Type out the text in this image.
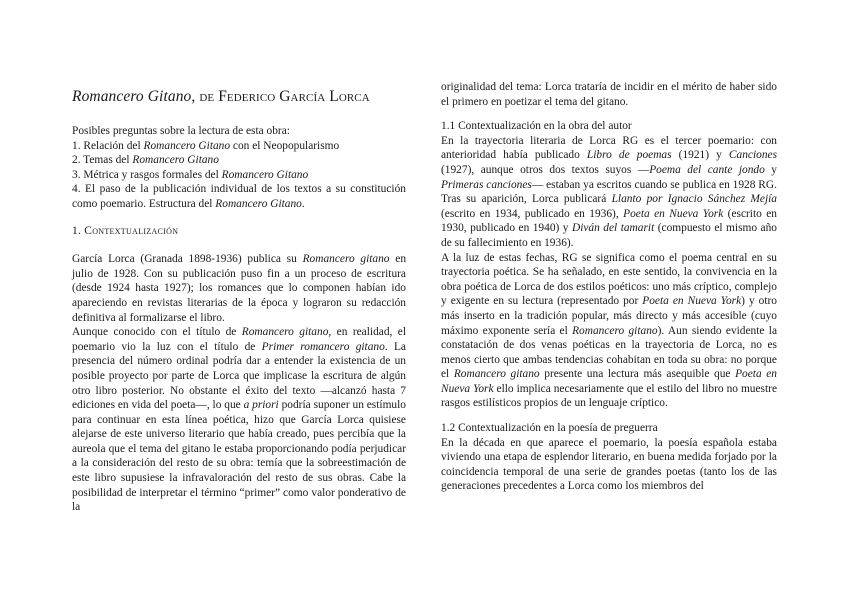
Romancero Gitano, de Federico García Lorca

Posibles preguntas sobre la lectura de esta obra:

1. Relación del Romancero Gitano con el Neopopularismo
2. Temas del Romancero Gitano
3. Métrica y rasgos formales del Romancero Gitano
4. El paso de la publicación individual de los textos a su constitución como poemario. Estructura del Romancero Gitano.
1. Contextualización

García Lorca (Granada 1898-1936) publica su Romancero gitano en julio de 1928. Con su publicación puso fin a un proceso de escritura (desde 1924 hasta 1927); los romances que lo componen habían ido apareciendo en revistas literarias de la época y lograron su redacción definitiva al formalizarse el libro.

Aunque conocido con el título de Romancero gitano, en realidad, el poemario vio la luz con el título de Primer romancero gitano. La presencia del número ordinal podría dar a entender la existencia de un posible proyecto por parte de Lorca que implicase la escritura de algún otro libro posterior. No obstante el éxito del texto —alcanzó hasta 7 ediciones en vida del poeta—, lo que a priori podría suponer un estímulo para continuar en esta línea poética, hizo que García Lorca quisiese alejarse de este universo literario que había creado, pues percibía que la aureola que el tema del gitano le estaba proporcionando podía perjudicar a la consideración del resto de su obra: temía que la sobreestimación de este libro supusiese la infravaloración del resto de sus obras. Cabe la posibilidad de interpretar el término “primer” como valor ponderativo de la

originalidad del tema: Lorca trataría de incidir en el mérito de haber sido el primero en poetizar el tema del gitano.

1.1 Contextualización en la obra del autor

En la trayectoria literaria de Lorca RG es el tercer poemario: con anterioridad había publicado Libro de poemas (1921) y Canciones (1927), aunque otros dos textos suyos —Poema del cante jondo y Primeras canciones— estaban ya escritos cuando se publica en 1928 RG. Tras su aparición, Lorca publicará Llanto por Ignacio Sánchez Mejía (escrito en 1934, publicado en 1936), Poeta en Nueva York (escrito en 1930, publicado en 1940) y Diván del tamarit (compuesto el mismo año de su fallecimiento en 1936).

A la luz de estas fechas, RG se significa como el poema central en su trayectoria poética. Se ha señalado, en este sentido, la convivencia en la obra poética de Lorca de dos estilos poéticos: uno más críptico, complejo y exigente en su lectura (representado por Poeta en Nueva York) y otro más inserto en la tradición popular, más directo y más accesible (cuyo máximo exponente sería el Romancero gitano). Aun siendo evidente la constatación de dos venas poéticas en la trayectoria de Lorca, no es menos cierto que ambas tendencias cohabitan en toda su obra: no porque el Romancero gitano presente una lectura más asequible que Poeta en Nueva York ello implica necesariamente que el estilo del libro no muestre rasgos estilísticos propios de un lenguaje críptico.

1.2 Contextualización en la poesía de preguerra

En la década en que aparece el poemario, la poesía española estaba viviendo una etapa de esplendor literario, en buena medida forjado por la coincidencia temporal de una serie de grandes poetas (tanto los de las generaciones precedentes a Lorca como los miembros del
